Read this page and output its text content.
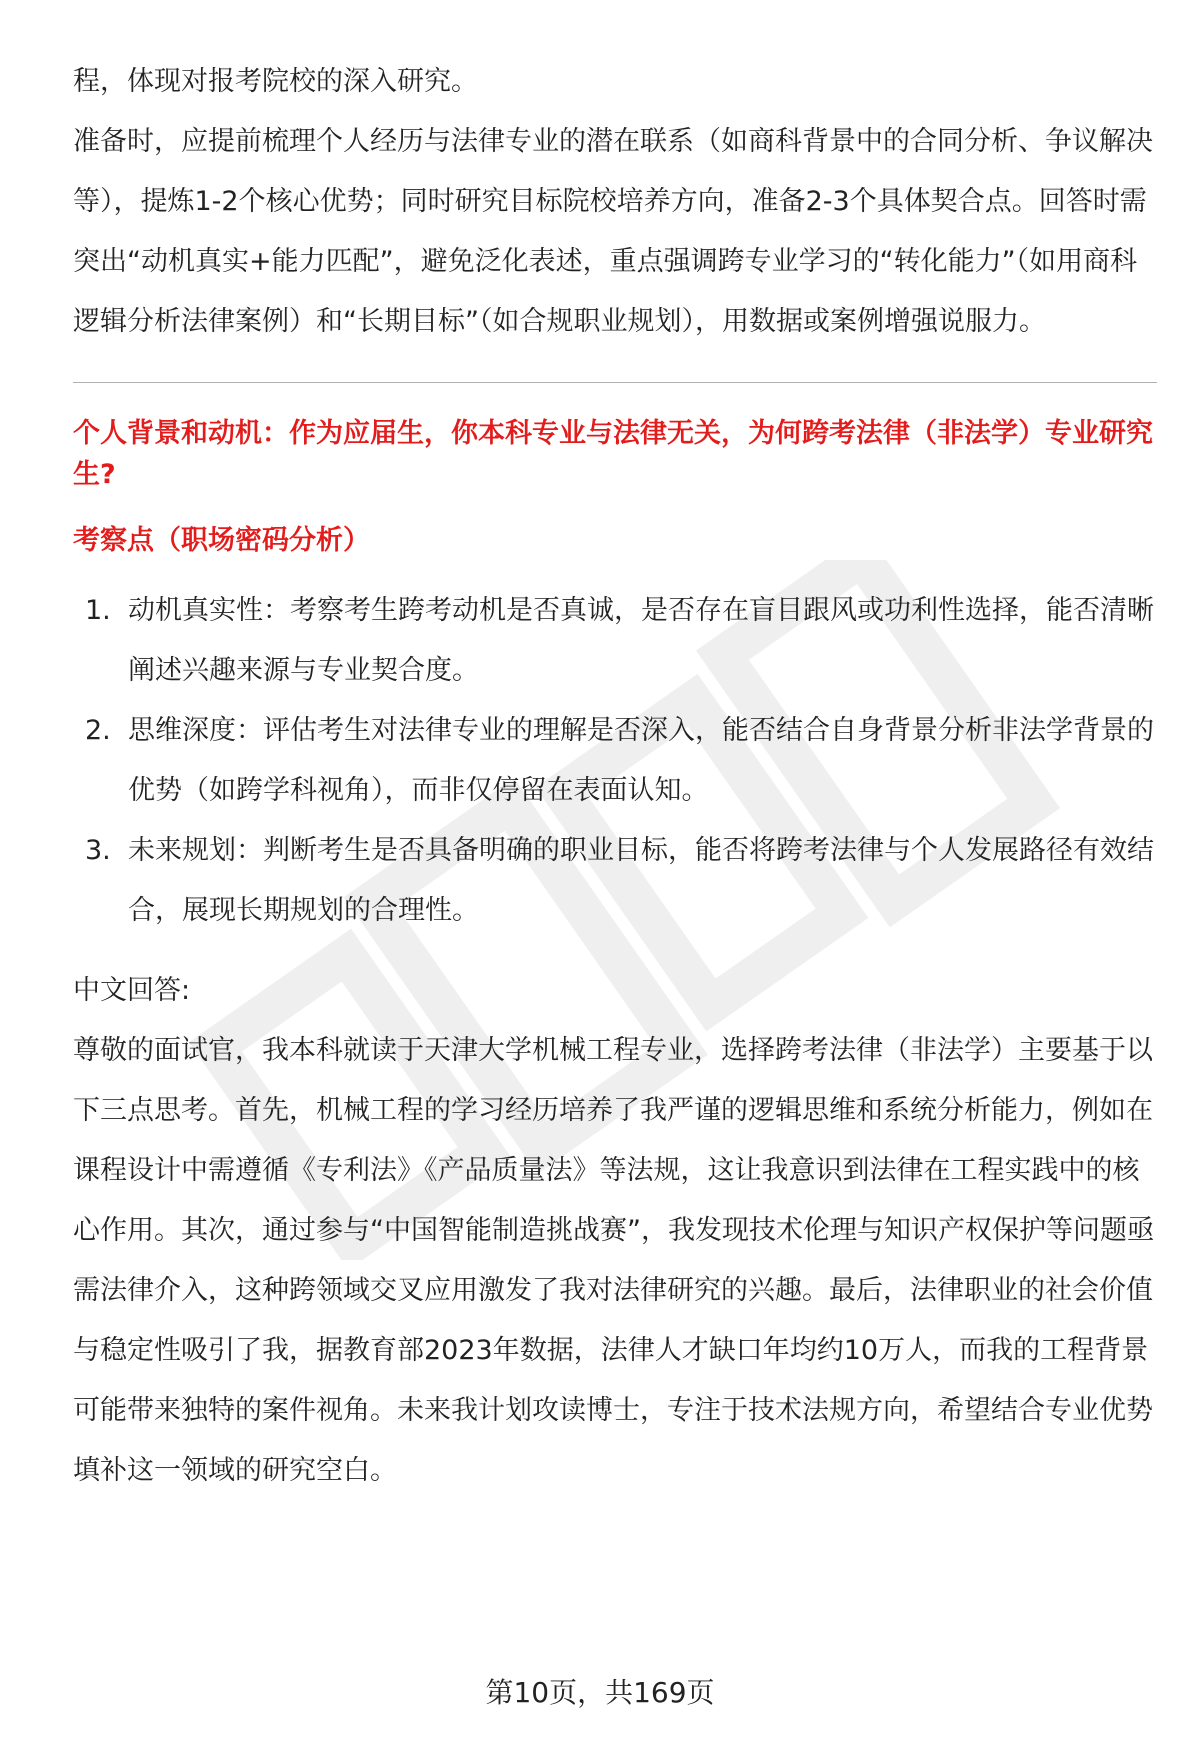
程，体现对报考院校的深入研究。

准备时，应提前梳理个人经历与法律专业的潜在联系（如商科背景中的合同分析、争议解决等），提炼1-2个核心优势；同时研究目标院校培养方向，准备2-3个具体契合点。回答时需突出“动机真实+能力匹配”，避免泛化表述，重点强调跨专业学习的“转化能力”（如用商科逻辑分析法律案例）和“长期目标”（如合规职业规划），用数据或案例增强说服力。

个人背景和动机：作为应届生，你本科专业与法律无关，为何跨考法律（非法学）专业研究生?
考察点（职场密码分析）
1. 动机真实性：考察考生跨考动机是否真诚，是否存在盲目跟风或功利性选择，能否清晰阐述兴趣来源与专业契合度。
2. 思维深度：评估考生对法律专业的理解是否深入，能否结合自身背景分析非法学背景的优势（如跨学科视角），而非仅停留在表面认知。
3. 未来规划：判断考生是否具备明确的职业目标，能否将跨考法律与个人发展路径有效结合，展现长期规划的合理性。

中文回答:

尊敬的面试官，我本科就读于天津大学机械工程专业，选择跨考法律（非法学）主要基于以下三点思考。首先，机械工程的学习经历培养了我严谨的逻辑思维和系统分析能力，例如在课程设计中需遵循《专利法》《产品质量法》等法规，这让我意识到法律在工程实践中的核心作用。其次，通过参与“中国智能制造挑战赛”，我发现技术伦理与知识产权保护等问题亟需法律介入，这种跨领域交叉应用激发了我对法律研究的兴趣。最后，法律职业的社会价值与稳定性吸引了我，据教育部2023年数据，法律人才缺口年均约10万人，而我的工程背景可能带来独特的案件视角。未来我计划攻读博士，专注于技术法规方向，希望结合专业优势填补这一领域的研究空白。

第10页，共169页
